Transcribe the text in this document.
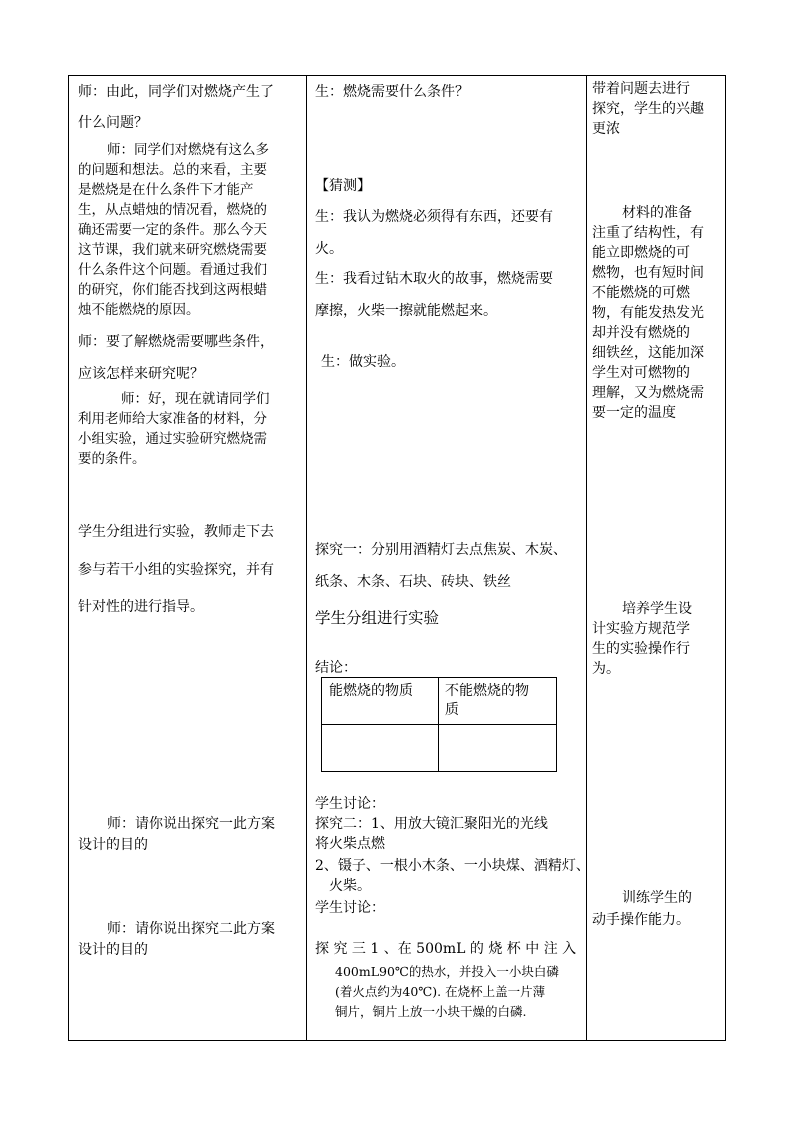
师：由此，同学们对燃烧产生了
什么问题？
师：同学们对燃烧有这么多
的问题和想法。总的来看，主要
是燃烧是在什么条件下才能产
生，从点蜡烛的情况看，燃烧的
确还需要一定的条件。那么今天
这节课，我们就来研究燃烧需要
什么条件这个问题。看通过我们
的研究，你们能否找到这两根蜡
烛不能燃烧的原因。
师：要了解燃烧需要哪些条件，
应该怎样来研究呢？
师：好，现在就请同学们
利用老师给大家准备的材料，分
小组实验，通过实验研究燃烧需
要的条件。
学生分组进行实验，教师走下去
参与若干小组的实验探究，并有
针对性的进行指导。
师：请你说出探究一此方案
设计的目的
师：请你说出探究二此方案
设计的目的
生：燃烧需要什么条件？
【猜测】
生：我认为燃烧必须得有东西，还要有
火。
生：我看过钻木取火的故事，燃烧需要
摩擦，火柴一擦就能燃起来。
生：做实验。
探究一：分别用酒精灯去点焦炭、木炭、
纸条、木条、石块、砖块、铁丝
学生分组进行实验
结论：
学生讨论：
探究二：1、用放大镜汇聚阳光的光线
将火柴点燃
2、镊子、一根小木条、一小块煤、酒精灯、
火柴。
学生讨论：
探 究 三 1 、在 500mL 的 烧 杯 中 注 入
400mL90℃的热水，并投入一小块白磷
(着火点约为40℃). 在烧杯上盖一片薄
铜片，铜片上放一小块干燥的白磷.
能燃烧的物质 不能燃烧的物
质
带着问题去进行
探究，学生的兴趣
更浓
材料的准备
注重了结构性，有
能立即燃烧的可
燃物，也有短时间
不能燃烧的可燃
物，有能发热发光
却并没有燃烧的
细铁丝，这能加深
学生对可燃物的
理解，又为燃烧需
要一定的温度
培养学生设
计实验方规范学
生的实验操作行
为。
训练学生的
动手操作能力。
